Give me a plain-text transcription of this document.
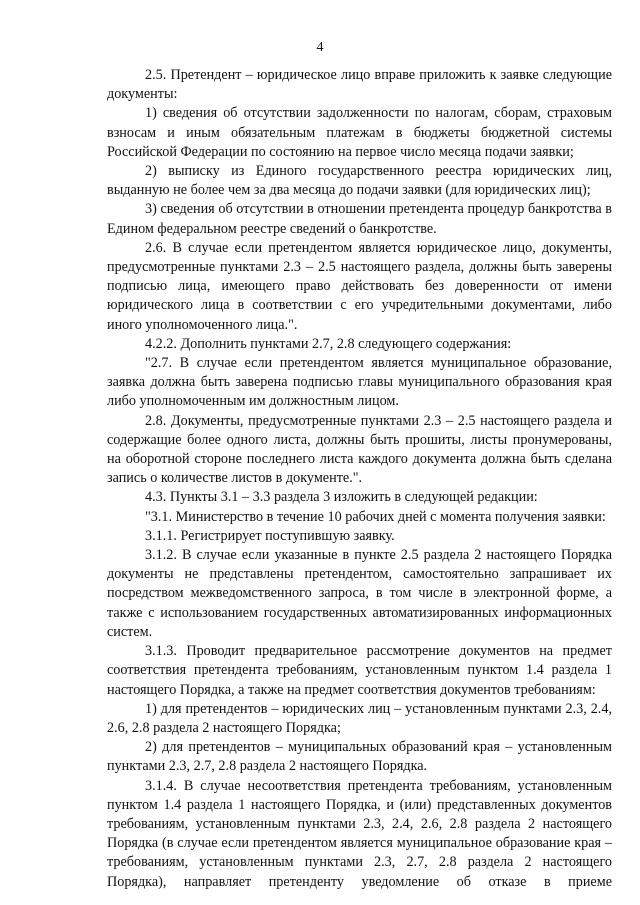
4

2.5. Претендент – юридическое лицо вправе приложить к заявке следующие документы:

1) сведения об отсутствии задолженности по налогам, сборам, страховым взносам и иным обязательным платежам в бюджеты бюджетной системы Российской Федерации по состоянию на первое число месяца подачи заявки;

2) выписку из Единого государственного реестра юридических лиц, выданную не более чем за два месяца до подачи заявки (для юридических лиц);

3) сведения об отсутствии в отношении претендента процедур банкротства в Едином федеральном реестре сведений о банкротстве.

2.6. В случае если претендентом является юридическое лицо, документы, предусмотренные пунктами 2.3 – 2.5 настоящего раздела, должны быть заверены подписью лица, имеющего право действовать без доверенности от имени юридического лица в соответствии с его учредительными документами, либо иного уполномоченного лица.".

4.2.2. Дополнить пунктами 2.7, 2.8 следующего содержания:

"2.7. В случае если претендентом является муниципальное образование, заявка должна быть заверена подписью главы муниципального образования края либо уполномоченным им должностным лицом.

2.8. Документы, предусмотренные пунктами 2.3 – 2.5 настоящего раздела и содержащие более одного листа, должны быть прошиты, листы пронумерованы, на оборотной стороне последнего листа каждого документа должна быть сделана запись о количестве листов в документе.".

4.3. Пункты 3.1 – 3.3 раздела 3 изложить в следующей редакции:

"3.1. Министерство в течение 10 рабочих дней с момента получения заявки:

3.1.1. Регистрирует поступившую заявку.

3.1.2. В случае если указанные в пункте 2.5 раздела 2 настоящего Порядка документы не представлены претендентом, самостоятельно запрашивает их посредством межведомственного запроса, в том числе в электронной форме, а также с использованием государственных автоматизированных информационных систем.

3.1.3. Проводит предварительное рассмотрение документов на предмет соответствия претендента требованиям, установленным пунктом 1.4 раздела 1 настоящего Порядка, а также на предмет соответствия документов требованиям:

1) для претендентов – юридических лиц – установленным пунктами 2.3, 2.4, 2.6, 2.8 раздела 2 настоящего Порядка;

2) для претендентов – муниципальных образований края – установленным пунктами 2.3, 2.7, 2.8 раздела 2 настоящего Порядка.

3.1.4. В случае несоответствия претендента требованиям, установленным пунктом 1.4 раздела 1 настоящего Порядка, и (или) представленных документов требованиям, установленным пунктами 2.3, 2.4, 2.6, 2.8 раздела 2 настоящего Порядка (в случае если претендентом является муниципальное образование края – требованиям, установленным пунктами 2.3, 2.7, 2.8 раздела 2 настоящего Порядка), направляет претенденту уведомление об отказе в приеме
